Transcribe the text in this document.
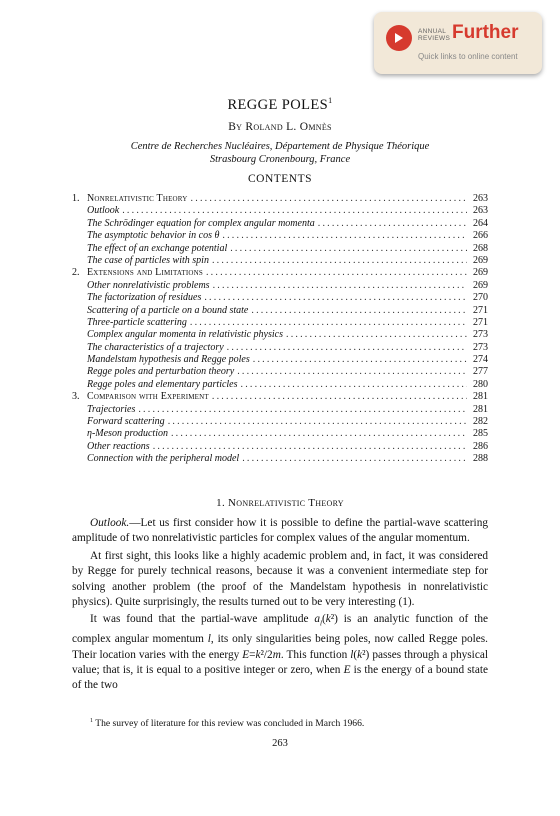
ANNUAL
REVIEWS Further
Quick links to online content
REGGE POLES$^1$
By Roland L. Omnès
Centre de Recherches Nucléaires, Département de Physique Théorique
Strasbourg Cronenbourg, France
CONTENTS
1. Nonrelativistic Theory .....	263
Outlook .....	263
The Schrödinger equation for complex angular momenta .....	264
The asymptotic behavior in cos θ .....	266
The effect of an exchange potential .....	268
The case of particles with spin .....	269
2. Extensions and Limitations .....	269
Other nonrelativistic problems .....	269
The factorization of residues .....	270
Scattering of a particle on a bound state .....	271
Three-particle scattering .....	271
Complex angular momenta in relativistic physics .....	273
The characteristics of a trajectory .....	273
Mandelstam hypothesis and Regge poles .....	274
Regge poles and perturbation theory .....	277
Regge poles and elementary particles .....	280
3. Comparison with Experiment .....	281
Trajectories .....	281
Forward scattering .....	282
η-Meson production .....	285
Other reactions .....	286
Connection with the peripheral model .....	288
1. Nonrelativistic Theory

Outlook.—Let us first consider how it is possible to define the partial-wave scattering amplitude of two nonrelativistic particles for complex values of the angular momentum.

At first sight, this looks like a highly academic problem and, in fact, it was considered by Regge for purely technical reasons, because it was a convenient intermediate step for solving another problem (the proof of the Mandelstam hypothesis in nonrelativistic physics). Quite surprisingly, the results turned out to be very interesting (1).

It was found that the partial-wave amplitude $a_l(k^2)$ is an analytic function of the complex angular momentum l, its only singularities being poles, now called Regge poles. Their location varies with the energy E=k²/2m. This function l(k²) passes through a physical value; that is, it is equal to a positive integer or zero, when E is the energy of a bound state of the two

$^1$ The survey of literature for this review was concluded in March 1966.
263
